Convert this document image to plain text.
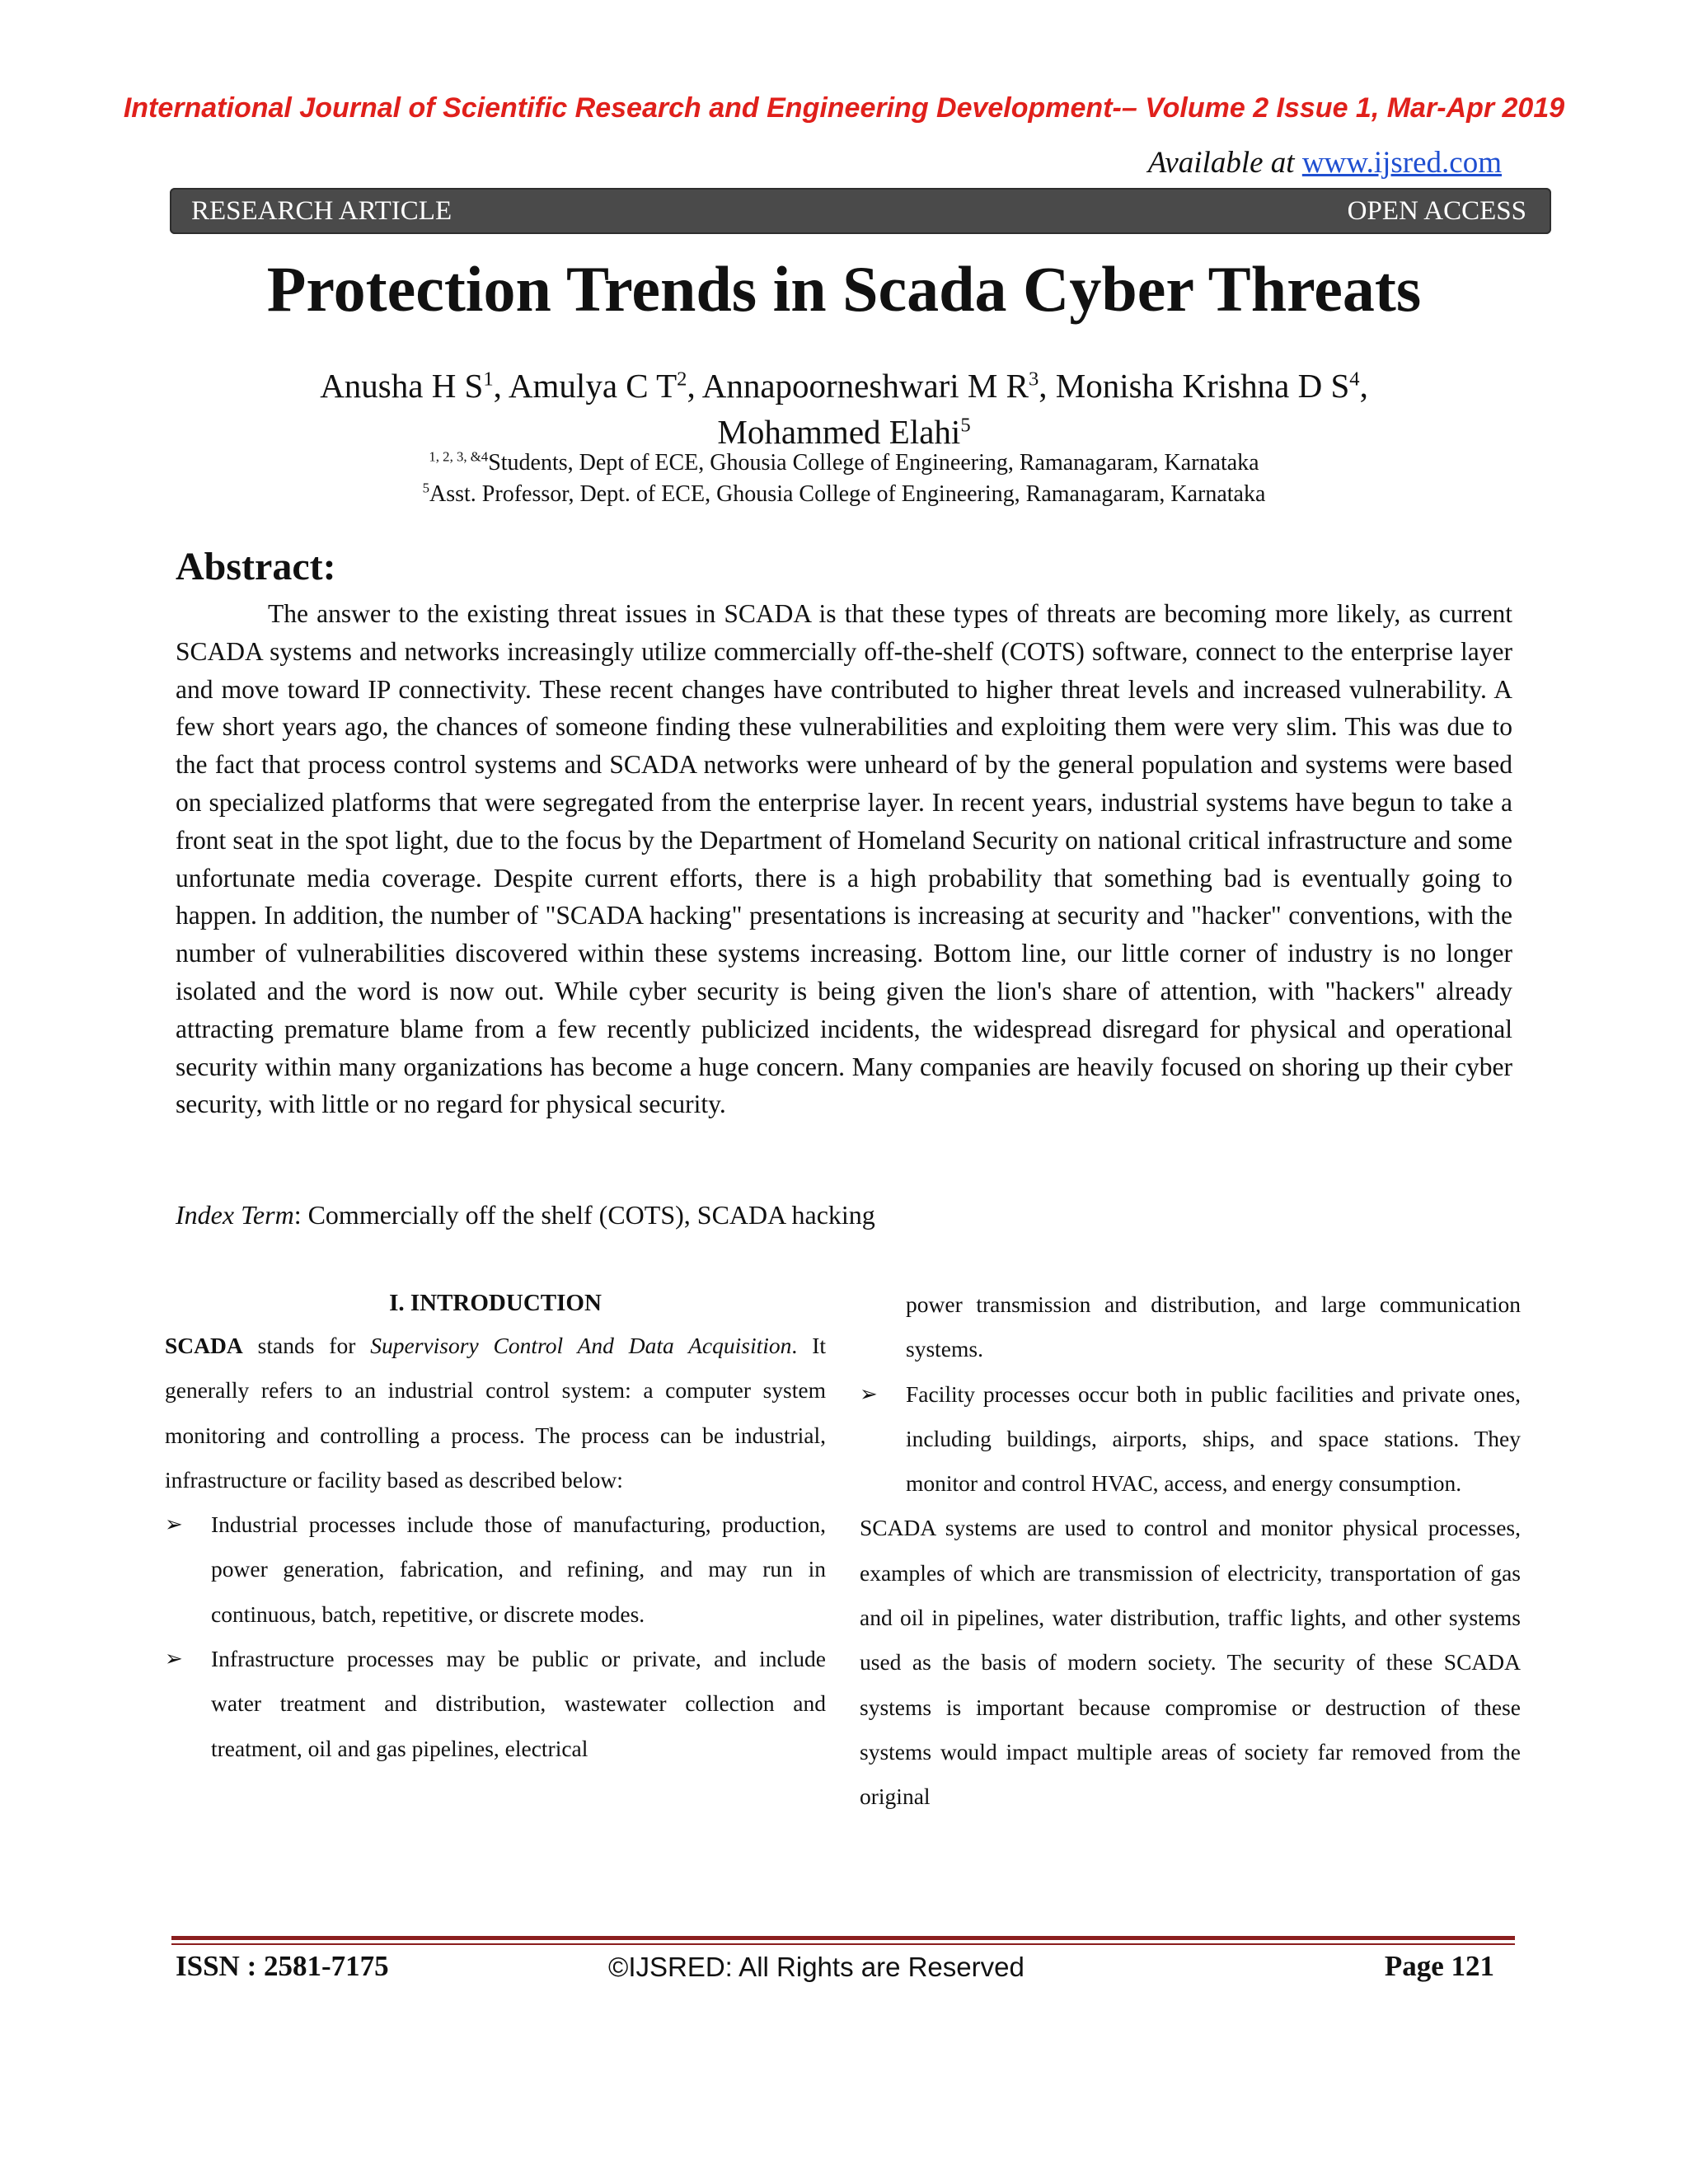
International Journal of Scientific Research and Engineering Development-– Volume 2 Issue 1, Mar-Apr 2019
Available at www.ijsred.com
RESEARCH ARTICLE	OPEN ACCESS
Protection Trends in Scada Cyber Threats
Anusha H $S^1$, Amulya C $T^2$, Annapoorneshwari M $R^3$, Monisha Krishna D $S^4$,
Mohammed Elahi$^5$
$^{1, 2, 3, \&4}$Students, Dept of ECE, Ghousia College of Engineering, Ramanagaram, Karnataka
$^5$Asst. Professor, Dept. of ECE, Ghousia College of Engineering, Ramanagaram, Karnataka
Abstract:

The answer to the existing threat issues in SCADA is that these types of threats are becoming more likely, as current SCADA systems and networks increasingly utilize commercially off-the-shelf (COTS) software, connect to the enterprise layer and move toward IP connectivity. These recent changes have contributed to higher threat levels and increased vulnerability. A few short years ago, the chances of someone finding these vulnerabilities and exploiting them were very slim. This was due to the fact that process control systems and SCADA networks were unheard of by the general population and systems were based on specialized platforms that were segregated from the enterprise layer. In recent years, industrial systems have begun to take a front seat in the spot light, due to the focus by the Department of Homeland Security on national critical infrastructure and some unfortunate media coverage. Despite current efforts, there is a high probability that something bad is eventually going to happen. In addition, the number of "SCADA hacking" presentations is increasing at security and "hacker" conventions, with the number of vulnerabilities discovered within these systems increasing. Bottom line, our little corner of industry is no longer isolated and the word is now out. While cyber security is being given the lion's share of attention, with "hackers" already attracting premature blame from a few recently publicized incidents, the widespread disregard for physical and operational security within many organizations has become a huge concern. Many companies are heavily focused on shoring up their cyber security, with little or no regard for physical security.

Index Term: Commercially off the shelf (COTS), SCADA hacking
I. INTRODUCTION

SCADA stands for Supervisory Control And Data Acquisition. It generally refers to an industrial control system: a computer system monitoring and controlling a process. The process can be industrial, infrastructure or facility based as described below:

➢	Industrial processes include those of manufacturing, production, power generation, fabrication, and refining, and may run in continuous, batch, repetitive, or discrete modes.

➢	Infrastructure processes may be public or private, and include water treatment and distribution, wastewater collection and treatment, oil and gas pipelines, electrical

power transmission and distribution, and large communication systems.

➢	Facility processes occur both in public facilities and private ones, including buildings, airports, ships, and space stations. They monitor and control HVAC, access, and energy consumption.

SCADA systems are used to control and monitor physical processes, examples of which are transmission of electricity, transportation of gas and oil in pipelines, water distribution, traffic lights, and other systems used as the basis of modern society. The security of these SCADA systems is important because compromise or destruction of these systems would impact multiple areas of society far removed from the original

ISSN : 2581-7175	©IJSRED: All Rights are Reserved	Page 121
